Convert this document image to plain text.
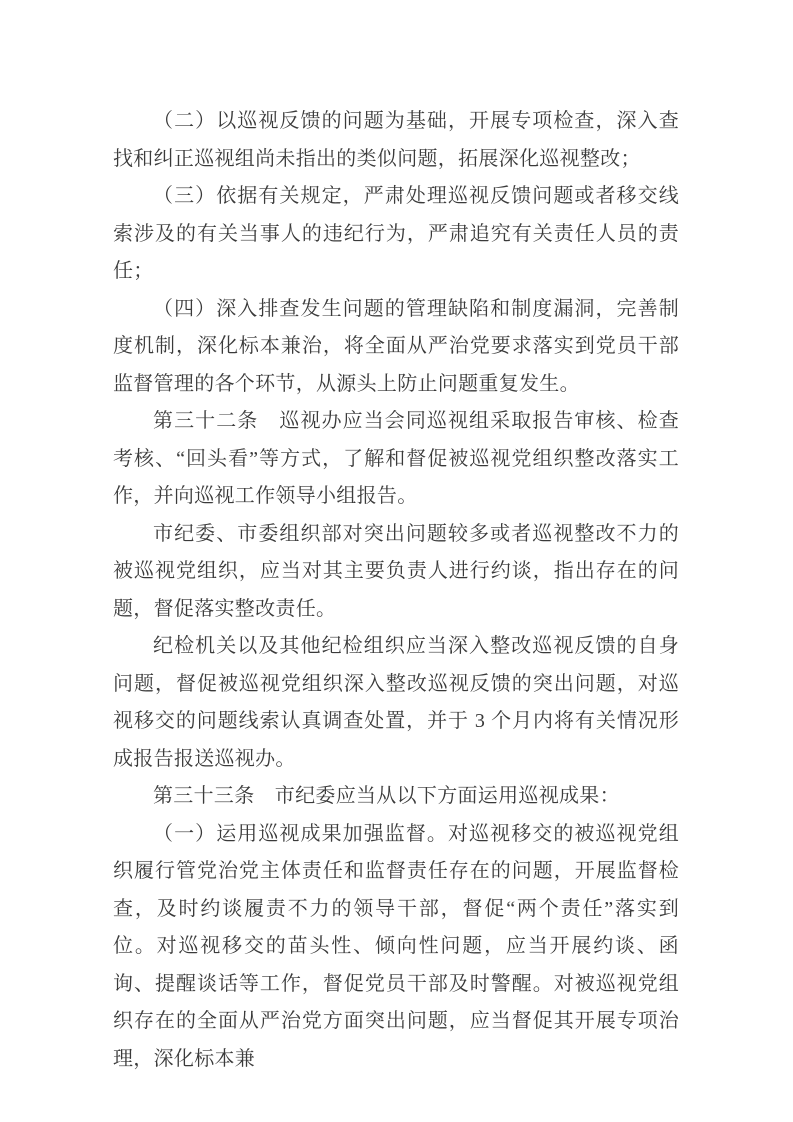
（二）以巡视反馈的问题为基础，开展专项检查，深入查找和纠正巡视组尚未指出的类似问题，拓展深化巡视整改；

（三）依据有关规定，严肃处理巡视反馈问题或者移交线索涉及的有关当事人的违纪行为，严肃追究有关责任人员的责任；

（四）深入排查发生问题的管理缺陷和制度漏洞，完善制度机制，深化标本兼治，将全面从严治党要求落实到党员干部监督管理的各个环节，从源头上防止问题重复发生。

第三十二条　巡视办应当会同巡视组采取报告审核、检查考核、“回头看”等方式，了解和督促被巡视党组织整改落实工作，并向巡视工作领导小组报告。

市纪委、市委组织部对突出问题较多或者巡视整改不力的被巡视党组织，应当对其主要负责人进行约谈，指出存在的问题，督促落实整改责任。

纪检机关以及其他纪检组织应当深入整改巡视反馈的自身问题，督促被巡视党组织深入整改巡视反馈的突出问题，对巡视移交的问题线索认真调查处置，并于 3 个月内将有关情况形成报告报送巡视办。

第三十三条　市纪委应当从以下方面运用巡视成果：

（一）运用巡视成果加强监督。对巡视移交的被巡视党组织履行管党治党主体责任和监督责任存在的问题，开展监督检查，及时约谈履责不力的领导干部，督促“两个责任”落实到位。对巡视移交的苗头性、倾向性问题，应当开展约谈、函询、提醒谈话等工作，督促党员干部及时警醒。对被巡视党组织存在的全面从严治党方面突出问题，应当督促其开展专项治理，深化标本兼
